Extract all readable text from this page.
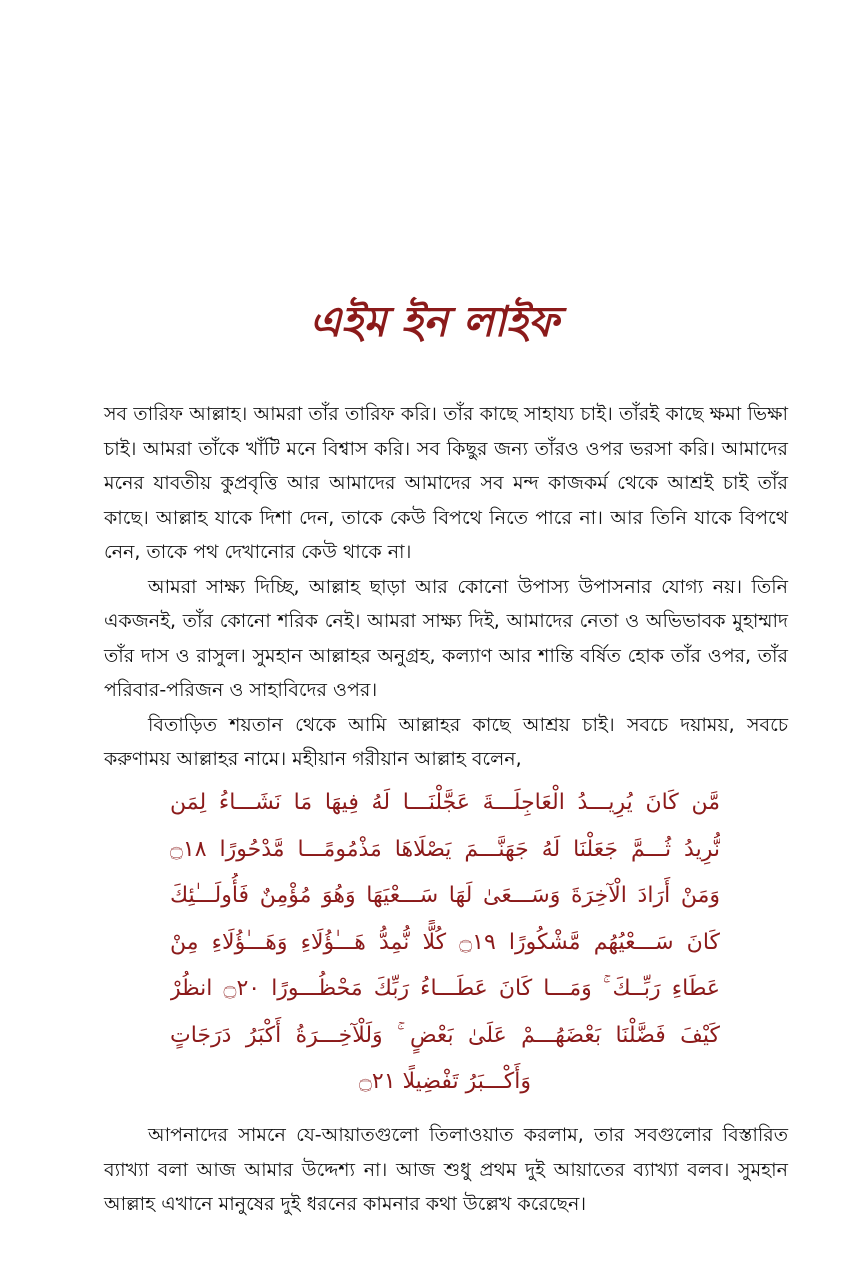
এইম ইন লাইফ

সব তারিফ আল্লাহ। আমরা তাঁর তারিফ করি। তাঁর কাছে সাহায্য চাই। তাঁরই কাছে ক্ষমা ভিক্ষা চাই। আমরা তাঁকে খাঁটি মনে বিশ্বাস করি। সব কিছুর জন্য তাঁরও ওপর ভরসা করি। আমাদের মনের যাবতীয় কুপ্রবৃত্তি আর আমাদের আমাদের সব মন্দ কাজকর্ম থেকে আশ্রই চাই তাঁর কাছে। আল্লাহ যাকে দিশা দেন, তাকে কেউ বিপথে নিতে পারে না। আর তিনি যাকে বিপথে নেন, তাকে পথ দেখানোর কেউ থাকে না।

আমরা সাক্ষ্য দিচ্ছি, আল্লাহ ছাড়া আর কোনো উপাস্য উপাসনার যোগ্য নয়। তিনি একজনই, তাঁর কোনো শরিক নেই। আমরা সাক্ষ্য দিই, আমাদের নেতা ও অভিভাবক মুহাম্মাদ তাঁর দাস ও রাসুল। সুমহান আল্লাহর অনুগ্রহ, কল্যাণ আর শান্তি বর্ষিত হোক তাঁর ওপর, তাঁর পরিবার-পরিজন ও সাহাবিদের ওপর।

বিতাড়িত শয়তান থেকে আমি আল্লাহর কাছে আশ্রয় চাই। সবচে দয়াময়, সবচে করুণাময় আল্লাহর নামে। মহীয়ান গরীয়ান আল্লাহ বলেন,

مَّن كَانَ يُرِيـــدُ الْعَاجِلَـــةَ عَجَّلْنَـــا لَهُ فِيهَا مَا نَشَـــاءُ لِمَن
نُّرِيدُ ثُـــمَّ جَعَلْنَا لَهُ جَهَنَّـــمَ يَصْلَاهَا مَذْمُومًـــا مَّدْحُورًا ۝١٨
وَمَنْ أَرَادَ الْآخِرَةَ وَسَـــعَىٰ لَهَا سَـــعْيَهَا وَهُوَ مُؤْمِنٌ فَأُولَـــٰئِكَ
كَانَ سَـــعْيُهُم مَّشْكُورًا ۝١٩ كُلًّا نُّمِدُّ هَـــٰؤُلَاءِ وَهَـــٰؤُلَاءِ مِنْ
عَطَاءِ رَبِّــكَ ۚ وَمَـــا كَانَ عَطَـــاءُ رَبِّكَ مَحْظُـــورًا ۝٢٠ انظُرْ
كَيْفَ فَضَّلْنَا بَعْضَهُـــمْ عَلَىٰ بَعْضٍ ۚ وَلَلْآخِـــرَةُ أَكْبَرُ دَرَجَاتٍ
وَأَكْـــبَرُ تَفْضِيلًا ۝٢١

আপনাদের সামনে যে-আয়াতগুলো তিলাওয়াত করলাম, তার সবগুলোর বিস্তারিত ব্যাখ্যা বলা আজ আমার উদ্দেশ্য না। আজ শুধু প্রথম দুই আয়াতের ব্যাখ্যা বলব। সুমহান আল্লাহ এখানে মানুষের দুই ধরনের কামনার কথা উল্লেখ করেছেন।
